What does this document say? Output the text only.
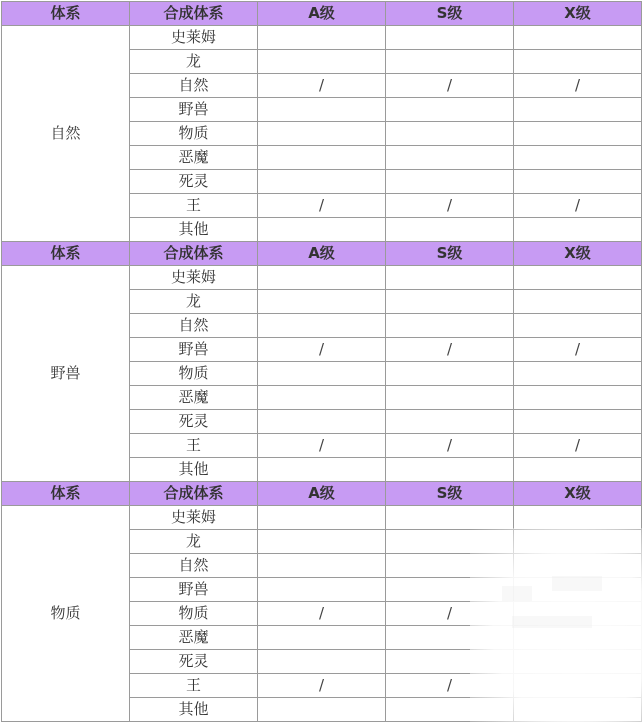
体系	合成体系	A级	S级	X级
自然	史莱姆			
	龙			
	自然	/	/	/
	野兽			
	物质			
	恶魔			
	死灵			
	王	/	/	/
	其他			
体系	合成体系	A级	S级	X级
野兽	史莱姆			
	龙			
	自然			
	野兽	/	/	/
	物质			
	恶魔			
	死灵			
	王	/	/	/
	其他			
体系	合成体系	A级	S级	X级
物质	史莱姆			
	龙			
	自然			
	野兽			
	物质	/	/	
	恶魔			
	死灵			
	王	/	/	
	其他			
